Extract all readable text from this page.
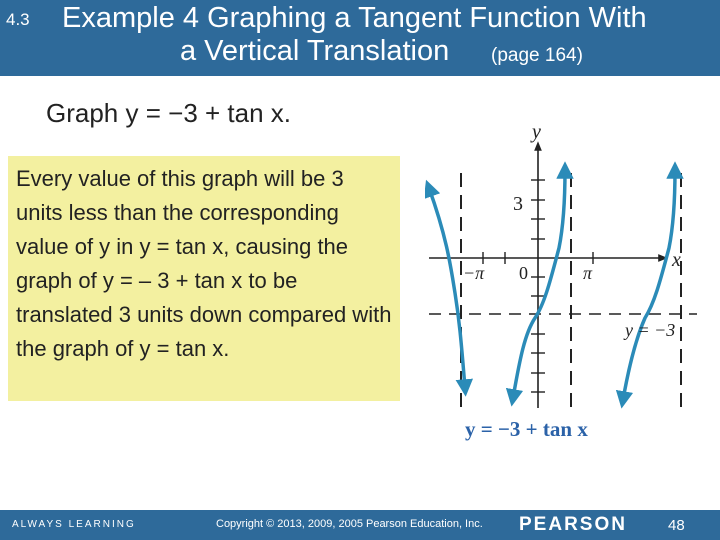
4.3 Example 4 Graphing a Tangent Function With
a Vertical Translation (page 164)
Graph y = −3 + tan x.
Every value of this graph will be 3 units less than the corresponding value of y in y = tan x, causing the graph of y = – 3 + tan x to be translated 3 units down compared with the graph of y = tan x.
y
x
3
0
−π	π
y = −3
y = −3 + tan x
ALWAYS LEARNING	Copyright © 2013, 2009, 2005 Pearson Education, Inc. PEARSON	48
